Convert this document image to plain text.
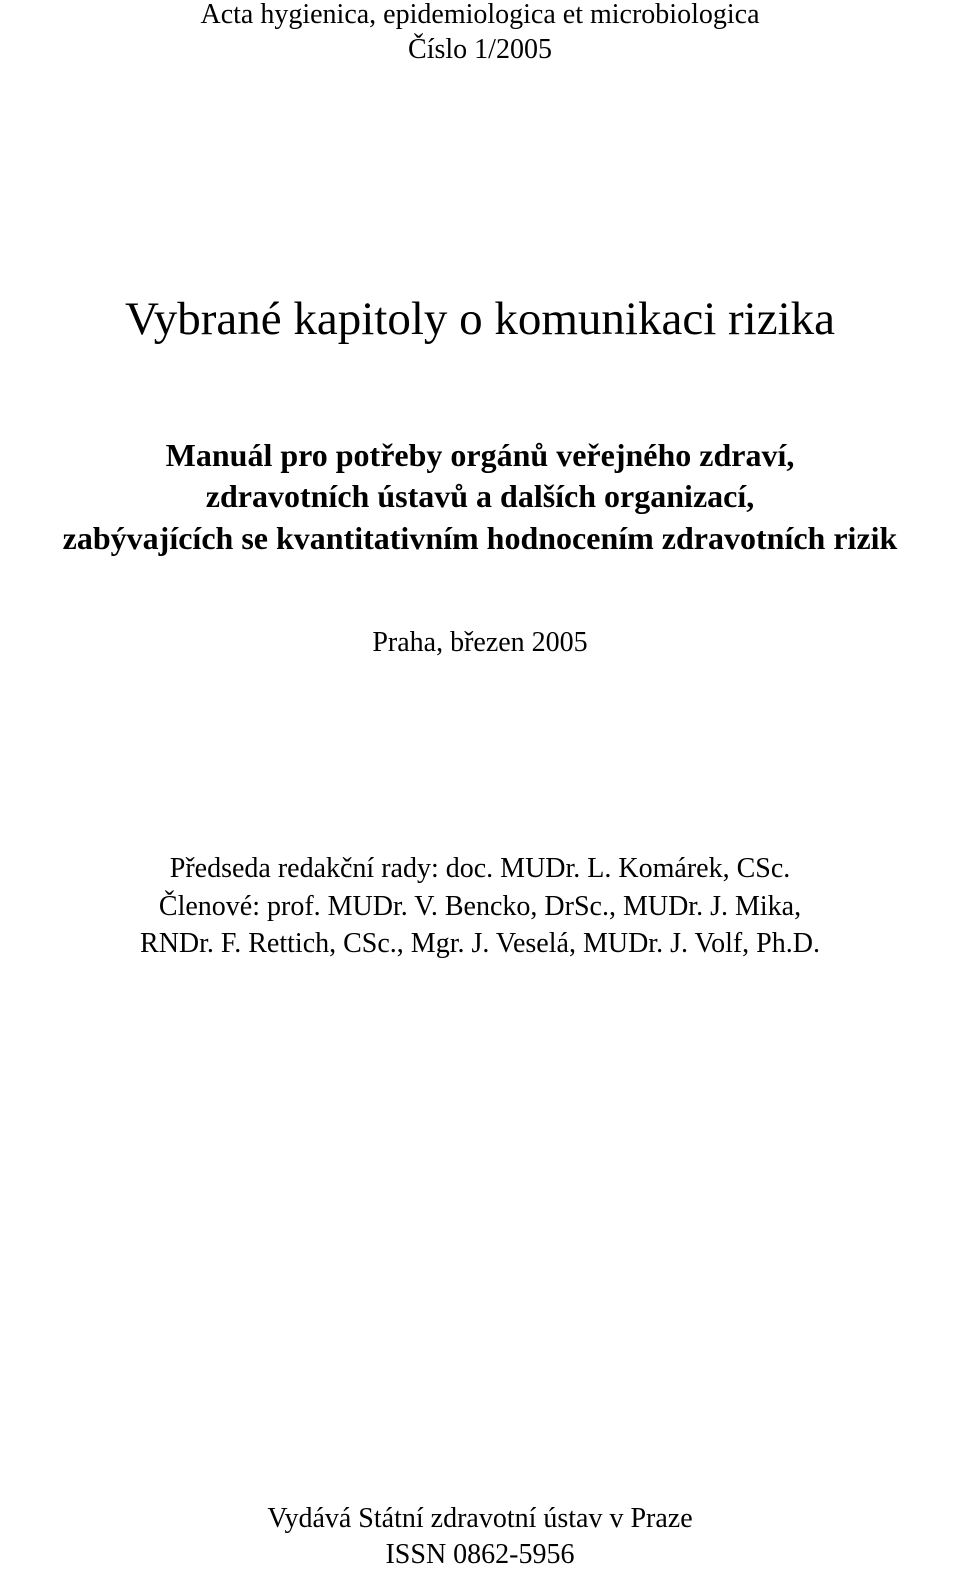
Acta hygienica, epidemiologica et microbiologica

Číslo 1/2005

Vybrané kapitoly o komunikaci rizika

Manuál pro potřeby orgánů veřejného zdraví,

zdravotních ústavů a dalších organizací,

zabývajících se kvantitativním hodnocením zdravotních rizik

Praha, březen 2005

Předseda redakční rady: doc. MUDr. L. Komárek, CSc.

Členové: prof. MUDr. V. Bencko, DrSc., MUDr. J. Mika,

RNDr. F. Rettich, CSc., Mgr. J. Veselá, MUDr. J. Volf, Ph.D.

Vydává Státní zdravotní ústav v Praze

ISSN 0862-5956
